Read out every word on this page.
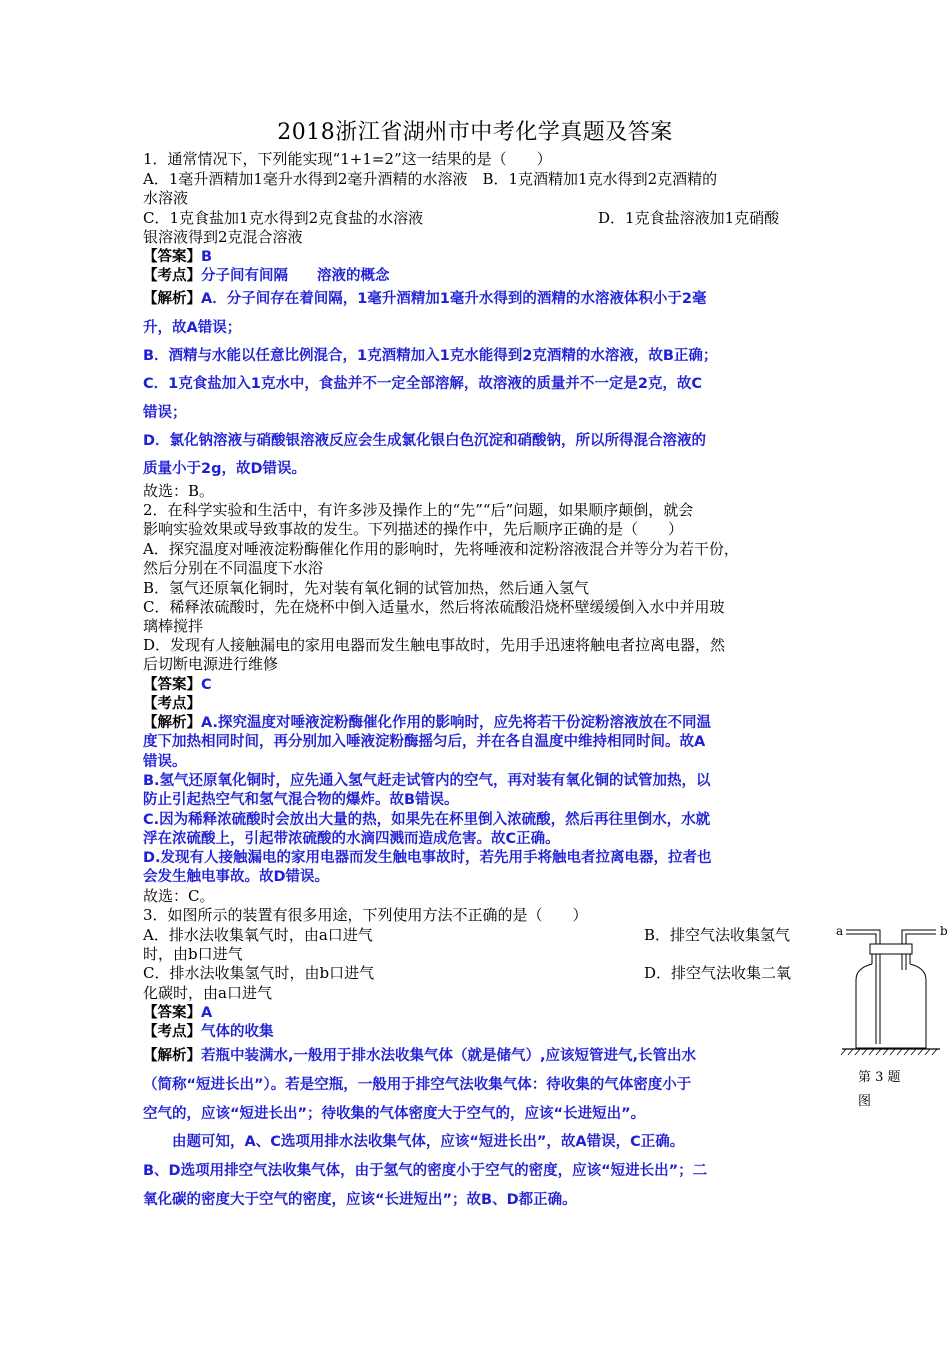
2018浙江省湖州市中考化学真题及答案
1．通常情况下，下列能实现“1+1=2”这一结果的是（　　）
A．1毫升酒精加1毫升水得到2毫升酒精的水溶液　B．1克酒精加1克水得到2克酒精的
水溶液
C．1克食盐加1克水得到2克食盐的水溶液	D．1克食盐溶液加1克硝酸
银溶液得到2克混合溶液
【答案】B
【考点】分子间有间隔　　溶液的概念
【解析】A．分子间存在着间隔，1毫升酒精加1毫升水得到的酒精的水溶液体积小于2毫
升，故A错误；
B．酒精与水能以任意比例混合，1克酒精加入1克水能得到2克酒精的水溶液，故B正确；
C．1克食盐加入1克水中，食盐并不一定全部溶解，故溶液的质量并不一定是2克，故C
错误；
D．氯化钠溶液与硝酸银溶液反应会生成氯化银白色沉淀和硝酸钠，所以所得混合溶液的
质量小于2g，故D错误。
故选：B。
2．在科学实验和生活中，有许多涉及操作上的“先”“后”问题，如果顺序颠倒，就会
影响实验效果或导致事故的发生。下列描述的操作中，先后顺序正确的是（　　）
A．探究温度对唾液淀粉酶催化作用的影响时，先将唾液和淀粉溶液混合并等分为若干份，
然后分别在不同温度下水浴
B．氢气还原氧化铜时，先对装有氧化铜的试管加热，然后通入氢气
C．稀释浓硫酸时，先在烧杯中倒入适量水，然后将浓硫酸沿烧杯壁缓缓倒入水中并用玻
璃棒搅拌
D．发现有人接触漏电的家用电器而发生触电事故时，先用手迅速将触电者拉离电器，然
后切断电源进行维修
【答案】C
【考点】
【解析】A.探究温度对唾液淀粉酶催化作用的影响时，应先将若干份淀粉溶液放在不同温
度下加热相同时间，再分别加入唾液淀粉酶摇匀后，并在各自温度中维持相同时间。故A
错误。
B.氢气还原氧化铜时，应先通入氢气赶走试管内的空气，再对装有氧化铜的试管加热，以
防止引起热空气和氢气混合物的爆炸。故B错误。
C.因为稀释浓硫酸时会放出大量的热，如果先在杯里倒入浓硫酸，然后再往里倒水，水就
浮在浓硫酸上，引起带浓硫酸的水滴四溅而造成危害。故C正确。
D.发现有人接触漏电的家用电器而发生触电事故时，若先用手将触电者拉离电器，拉者也
会发生触电事故。故D错误。
故选：C。
3．如图所示的装置有很多用途，下列使用方法不正确的是（　　）
A．排水法收集氧气时，由a口进气	B．排空气法收集氢气
时，由b口进气
C．排水法收集氢气时，由b口进气	D．排空气法收集二氧
化碳时，由a口进气
【答案】A
【考点】气体的收集
【解析】若瓶中装满水,一般用于排水法收集气体（就是储气）,应该短管进气,长管出水
（简称“短进长出”）。若是空瓶，一般用于排空气法收集气体：待收集的气体密度小于
空气的，应该“短进长出”；待收集的气体密度大于空气的，应该“长进短出”。
　　由题可知，A、C选项用排水法收集气体，应该“短进长出”，故A错误，C正确。
B、D选项用排空气法收集气体，由于氢气的密度小于空气的密度，应该“短进长出”；二
氧化碳的密度大于空气的密度，应该“长进短出”；故B、D都正确。
a	b
第 3 题
图
